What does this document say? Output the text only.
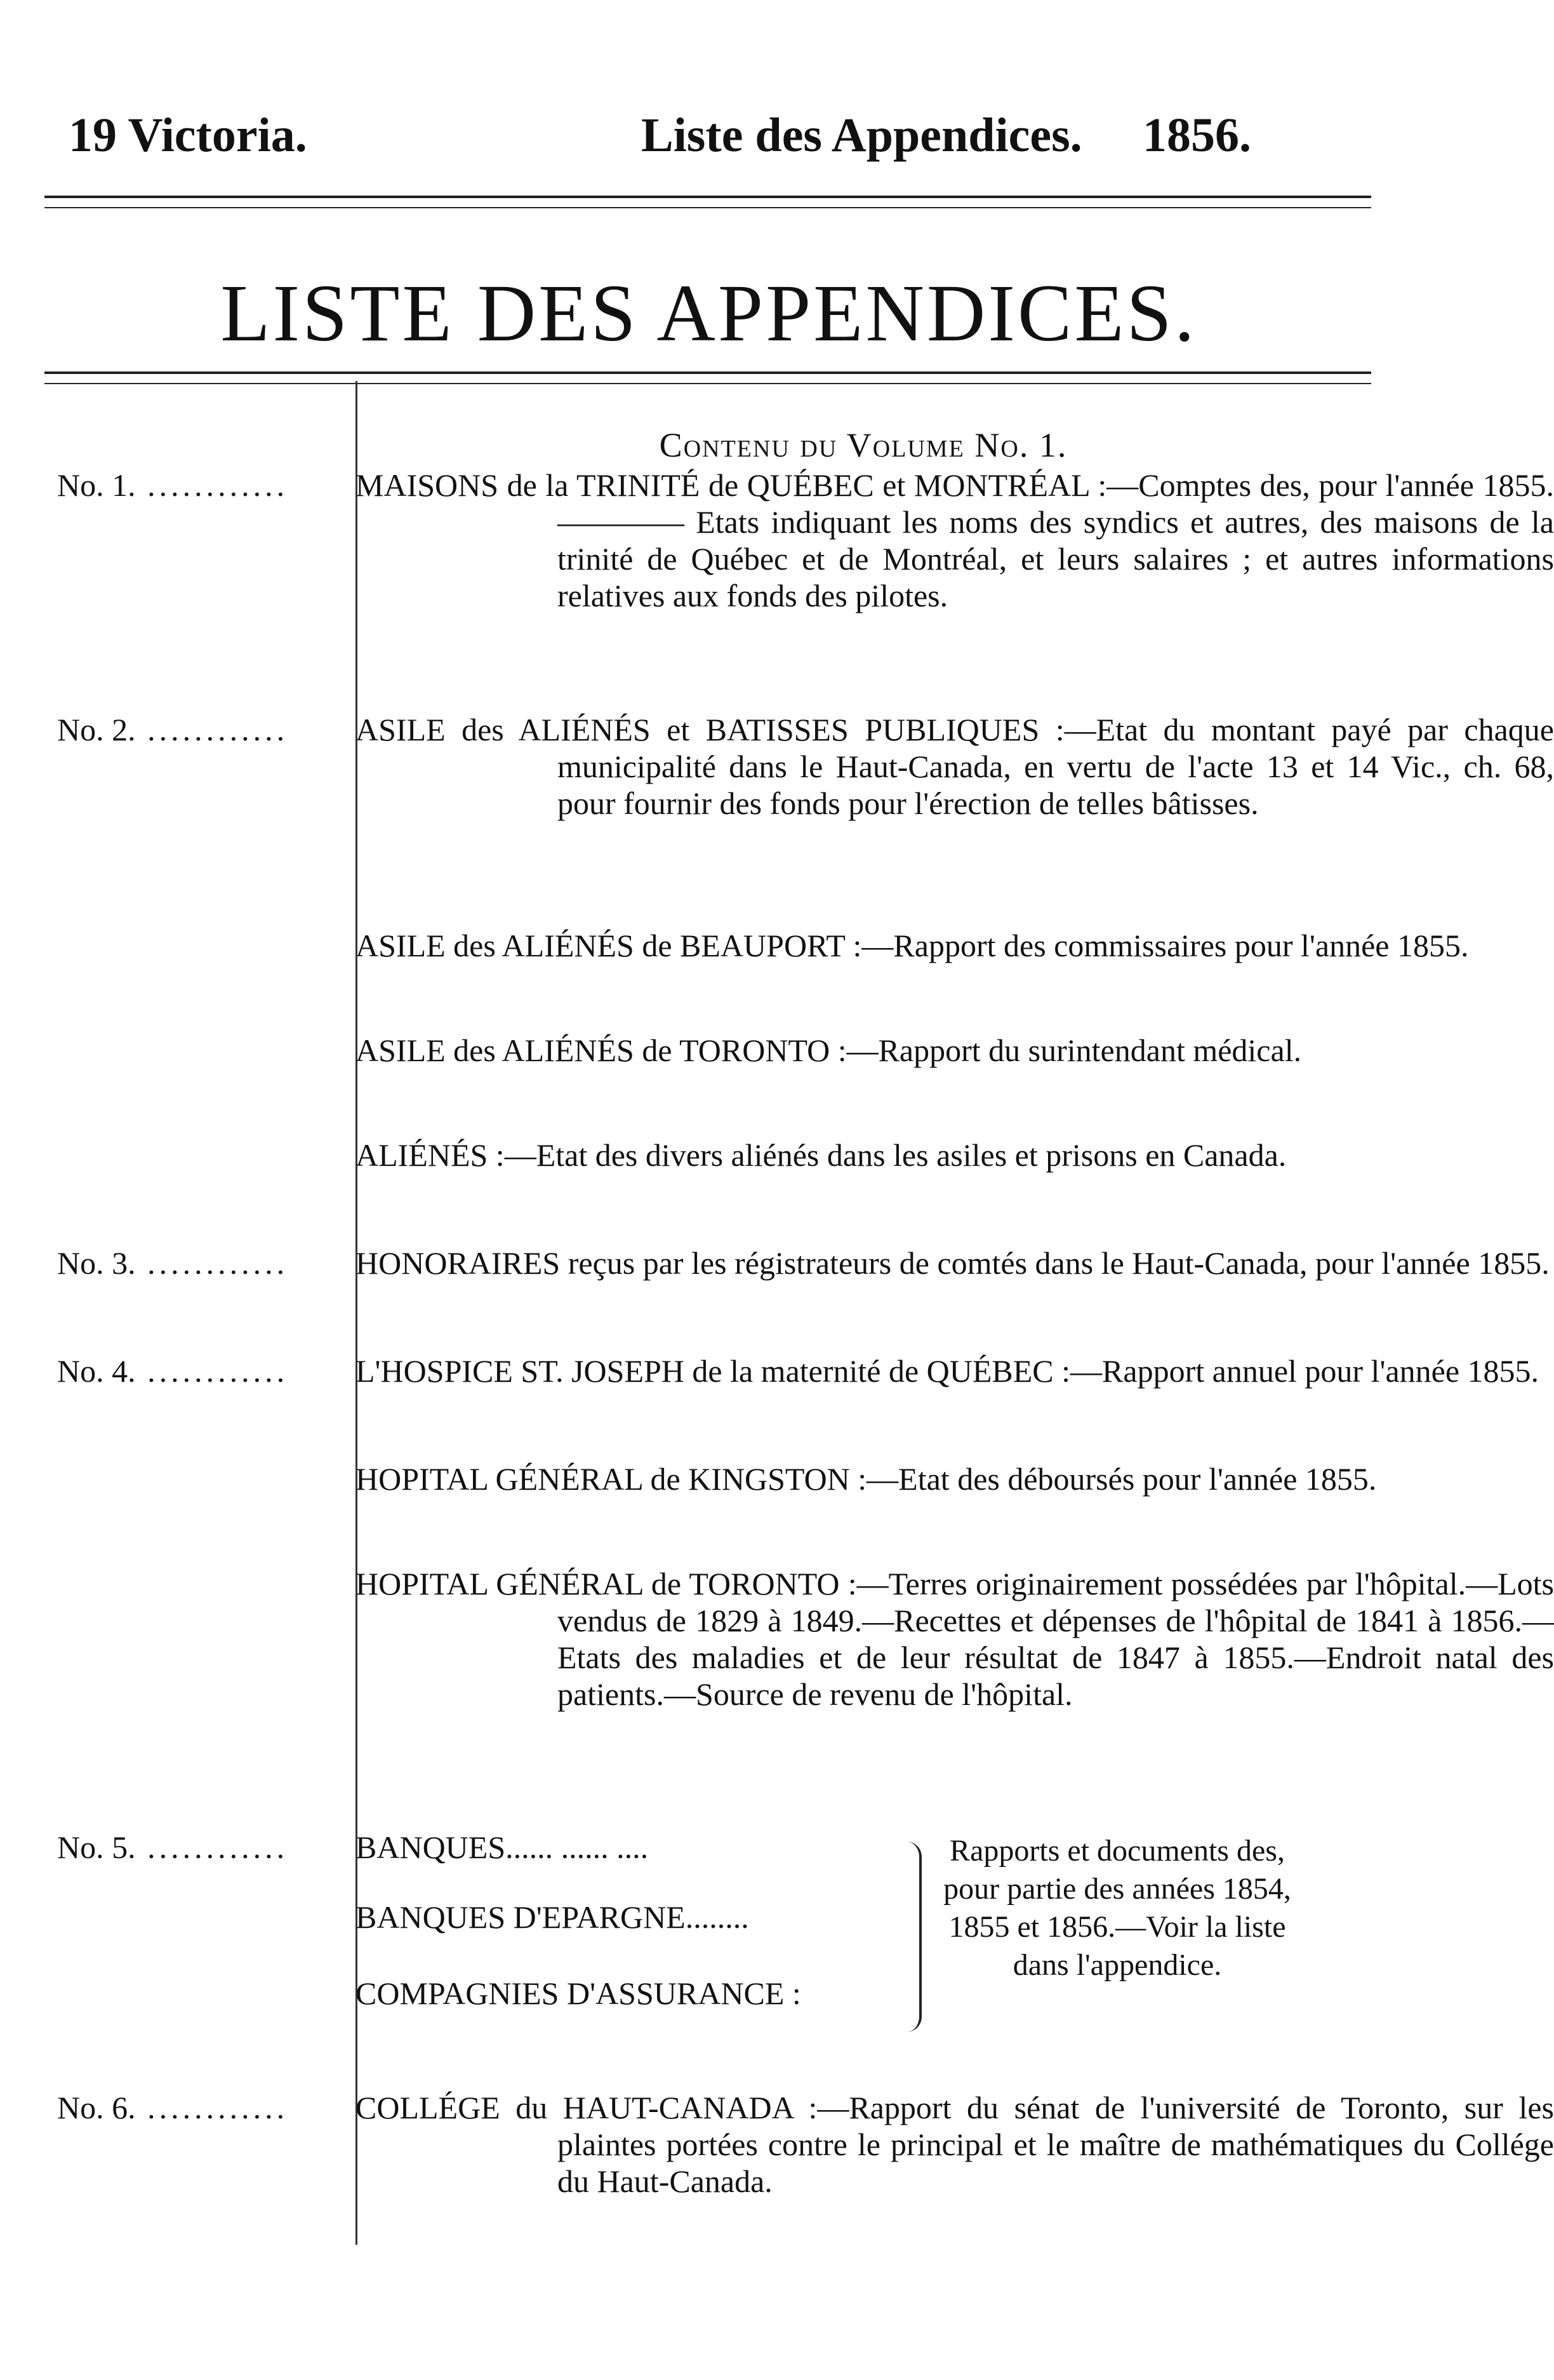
19 Victoria.	Liste des Appendices. 1856.
LISTE DES APPENDICES.
Contenu du Volume No. 1.
No. 1. ............	MAISONS de la TRINITÉ de QUÉBEC et MONTRÉAL :—Comptes des, pour l'année 1855. ———— Etats indiquant les noms des syndics et autres, des maisons de la trinité de Québec et de Montréal, et leurs salaires ; et autres informations relatives aux fonds des pilotes.
No. 2. ............	ASILE des ALIÉNÉS et BATISSES PUBLIQUES :—Etat du montant payé par chaque municipalité dans le Haut-Canada, en vertu de l'acte 13 et 14 Vic., ch. 68, pour fournir des fonds pour l'érection de telles bâtisses.
ASILE des ALIÉNÉS de BEAUPORT :—Rapport des commissaires pour l'année 1855.
ASILE des ALIÉNÉS de TORONTO :—Rapport du surintendant médical.
ALIÉNÉS :—Etat des divers aliénés dans les asiles et prisons en Canada.
No. 3. ............	HONORAIRES reçus par les régistrateurs de comtés dans le Haut-Canada, pour l'année 1855.
No. 4. ............	L'HOSPICE ST. JOSEPH de la maternité de QUÉBEC :—Rapport annuel pour l'année 1855.
HOPITAL GÉNÉRAL de KINGSTON :—Etat des déboursés pour l'année 1855.
HOPITAL GÉNÉRAL de TORONTO :—Terres originairement possédées par l'hôpital.—Lots vendus de 1829 à 1849.—Recettes et dépenses de l'hôpital de 1841 à 1856.—Etats des maladies et de leur résultat de 1847 à 1855.—Endroit natal des patients.—Source de revenu de l'hôpital.
No. 5. ............	BANQUES...... ...... ....
BANQUES D'EPARGNE........
COMPAGNIES D'ASSURANCE :
Rapports et documents des, pour partie des années 1854, 1855 et 1856.—Voir la liste dans l'appendice.
No. 6. ............	COLLÉGE du HAUT-CANADA :—Rapport du sénat de l'université de Toronto, sur les plaintes portées contre le principal et le maître de mathématiques du Collége du Haut-Canada.
